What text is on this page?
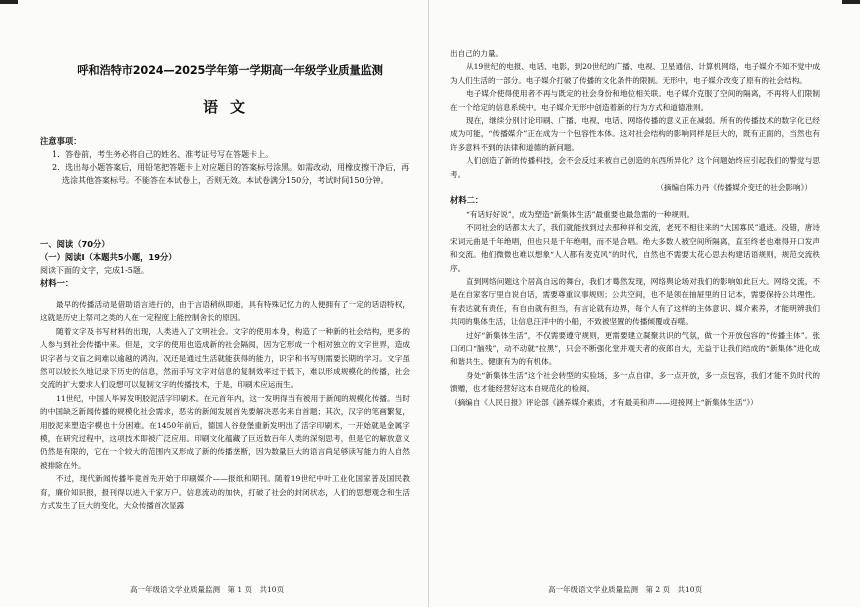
呼和浩特市2024—2025学年第一学期高一年级学业质量监测
语文
注意事项：
1．答卷前，考生务必将自己的姓名、准考证号写在答题卡上。
2．选出每小题答案后，用铅笔把答题卡上对应题目的答案标号涂黑。如需改动，用橡皮擦干净后，再选涂其他答案标号。不能答在本试卷上，否则无效。本试卷满分150分，考试时间150分钟。
一、阅读（70分）
（一）阅读Ⅰ（本题共5小题，19分）
阅读下面的文字，完成1-5题。
材料一：

最早的传播活动是借助语言进行的，由于言语稍纵即逝，具有特殊记忆力的人便拥有了一定的话语特权，这就是历史上祭司之类的人在一定程度上能控制舍长的原因。

随着文字及书写材料的出现，人类进入了文明社会。文字的使用本身，构造了一种新的社会结构，更多的人参与到社会传播中来。但是，文字的使用也造成新的社会隔阂，因为它形成一个相对独立的文字世界，造成识字者与文盲之间难以逾越的鸿沟。况还是通过生活就能获得的能力，识字和书写则需要长期的学习。文字虽然可以较长久地记录下历史的信息，然而手写文字对信息的复制效率过于低下，难以形成规模化的传播，社会交流的扩大要求人们设想可以复制文字的传播技术，于是，印刷术应运而生。

11世纪，中国人毕昇发明胶泥活字印刷术。在元首年内，这一发明得当有被用于新闻的规模化传播。当时的中国缺乏新闻传播的规模化社会需求，恶劣的新闻发展首先要解决恶劣来自首题；其次，汉字的笔画繁复，用胶泥来塑造字模也十分困难。在1450年前后，德国人谷登堡重新发明出了活字印刷术，一开始就是金属字模，在研究过程中，这项技术即被广泛应用。印刷文化蕴藏了巨近数百年人类的深刻思考，但是它的解放意义仍然是有限的，它在一个较大的范围内又形成了新的传播垄断，因为数量巨大的语言尚足够读写能力的人自然被排除在外。

不过，现代新闻传播毕竟首先开始于印刷媒介——报纸和期刊。随着19世纪中叶工业化国家普及国民教育，廉价知识报，报刊得以进入千家万户。信息流动的加快，打破了社会的封闭状态，人们的思想观念和生活方式发生了巨大的变化，大众传播首次显露

高一年级语文学业质量监测　第 1 页　共10页

出自己的力量。

从19世纪的电报、电话、电影，到20世纪的广播、电视、卫星通信、计算机网络，电子媒介不知不觉中成为人们生活的一部分。电子媒介打破了传播的文化条件的限制。无形中，电子媒介改变了原有的社会结构。

电子媒介使得使用者不再与既定的社会身份和地位相关联。电子媒介克服了空间的隔离，不再将人们限制在一个给定的信息系统中。电子媒介无形中创造着新的行为方式和道德准则。

现在，继续分别讨论印刷、广播、电视、电话、网络传播的意义正在减弱。所有的传播技术的数字化已经成为可能，“传播媒介”正在成为一个包容性本体。这对社会结构的影响同样是巨大的，既有正面的，当然也有许多意料不到的法律和道德的新问题。

人们创造了新的传播科技，会不会反过来被自己创造的东西所异化？这个问题始终应引起我们的警觉与思考。

（摘编自陈力丹《传播媒介变迁的社会影响》）
材料二：

“有话好好说”，成为塑造“新集体生活”最重要也最急需的一种规则。

不同社会的话都太大了，我们就能找到过去那种祥和交流，老死不相往来的“大国寡民”遗迹。没错，唐诗宋词元曲是千年绝唱，但也只是千年绝唱，而不是合唱。绝大多数人被空间所隔离，直至终老也难得开口发声和交流。他们微微也难以想象“人人都有麦克风”的时代，自然也不需要太花心思去构建话语规则，规范交流秩序。

直到网络问题这个居高自远的舞台，我们才蓦然发现，网络舆论场对我们的影响如此巨大。网络交流，不是在自家客厅里自说自话，需要尊重议事规则；公共空间，也不是领在抽屉里的日记本，需要保持公共理性。有表达就有责任，有自由就有担当，有言论就有边界，每个人有了这样的主体意识、媒介素养，才能明辨我们共同的集体生活，让信息汪洋中的小船，不致被坚置的传播倾覆或吞噬。

过好“新集体生活”，不仅需要遵守规则，更需要建立凝聚共识的气氛，做一个开放包容的“传播主体”。张口闭口“脑残”，动不动就“拉黑”，只会不断强化堂并观天者的夜郎自大，无益于让我们结成的“新集体”进化成和谐共生、健康有为的有机体。

身处“新集体生活”这个社会转型的实验场，多一点自律，多一点开放，多一点包容，我们才能不负时代的馈赠，也才能经营好这本自规范化的检阅。

（摘编自《人民日报》评论部《涵养媒介素质，才有最美和声——迎接网上“新集体生活”》）
高一年级语文学业质量监测　第 2 页　共10页
